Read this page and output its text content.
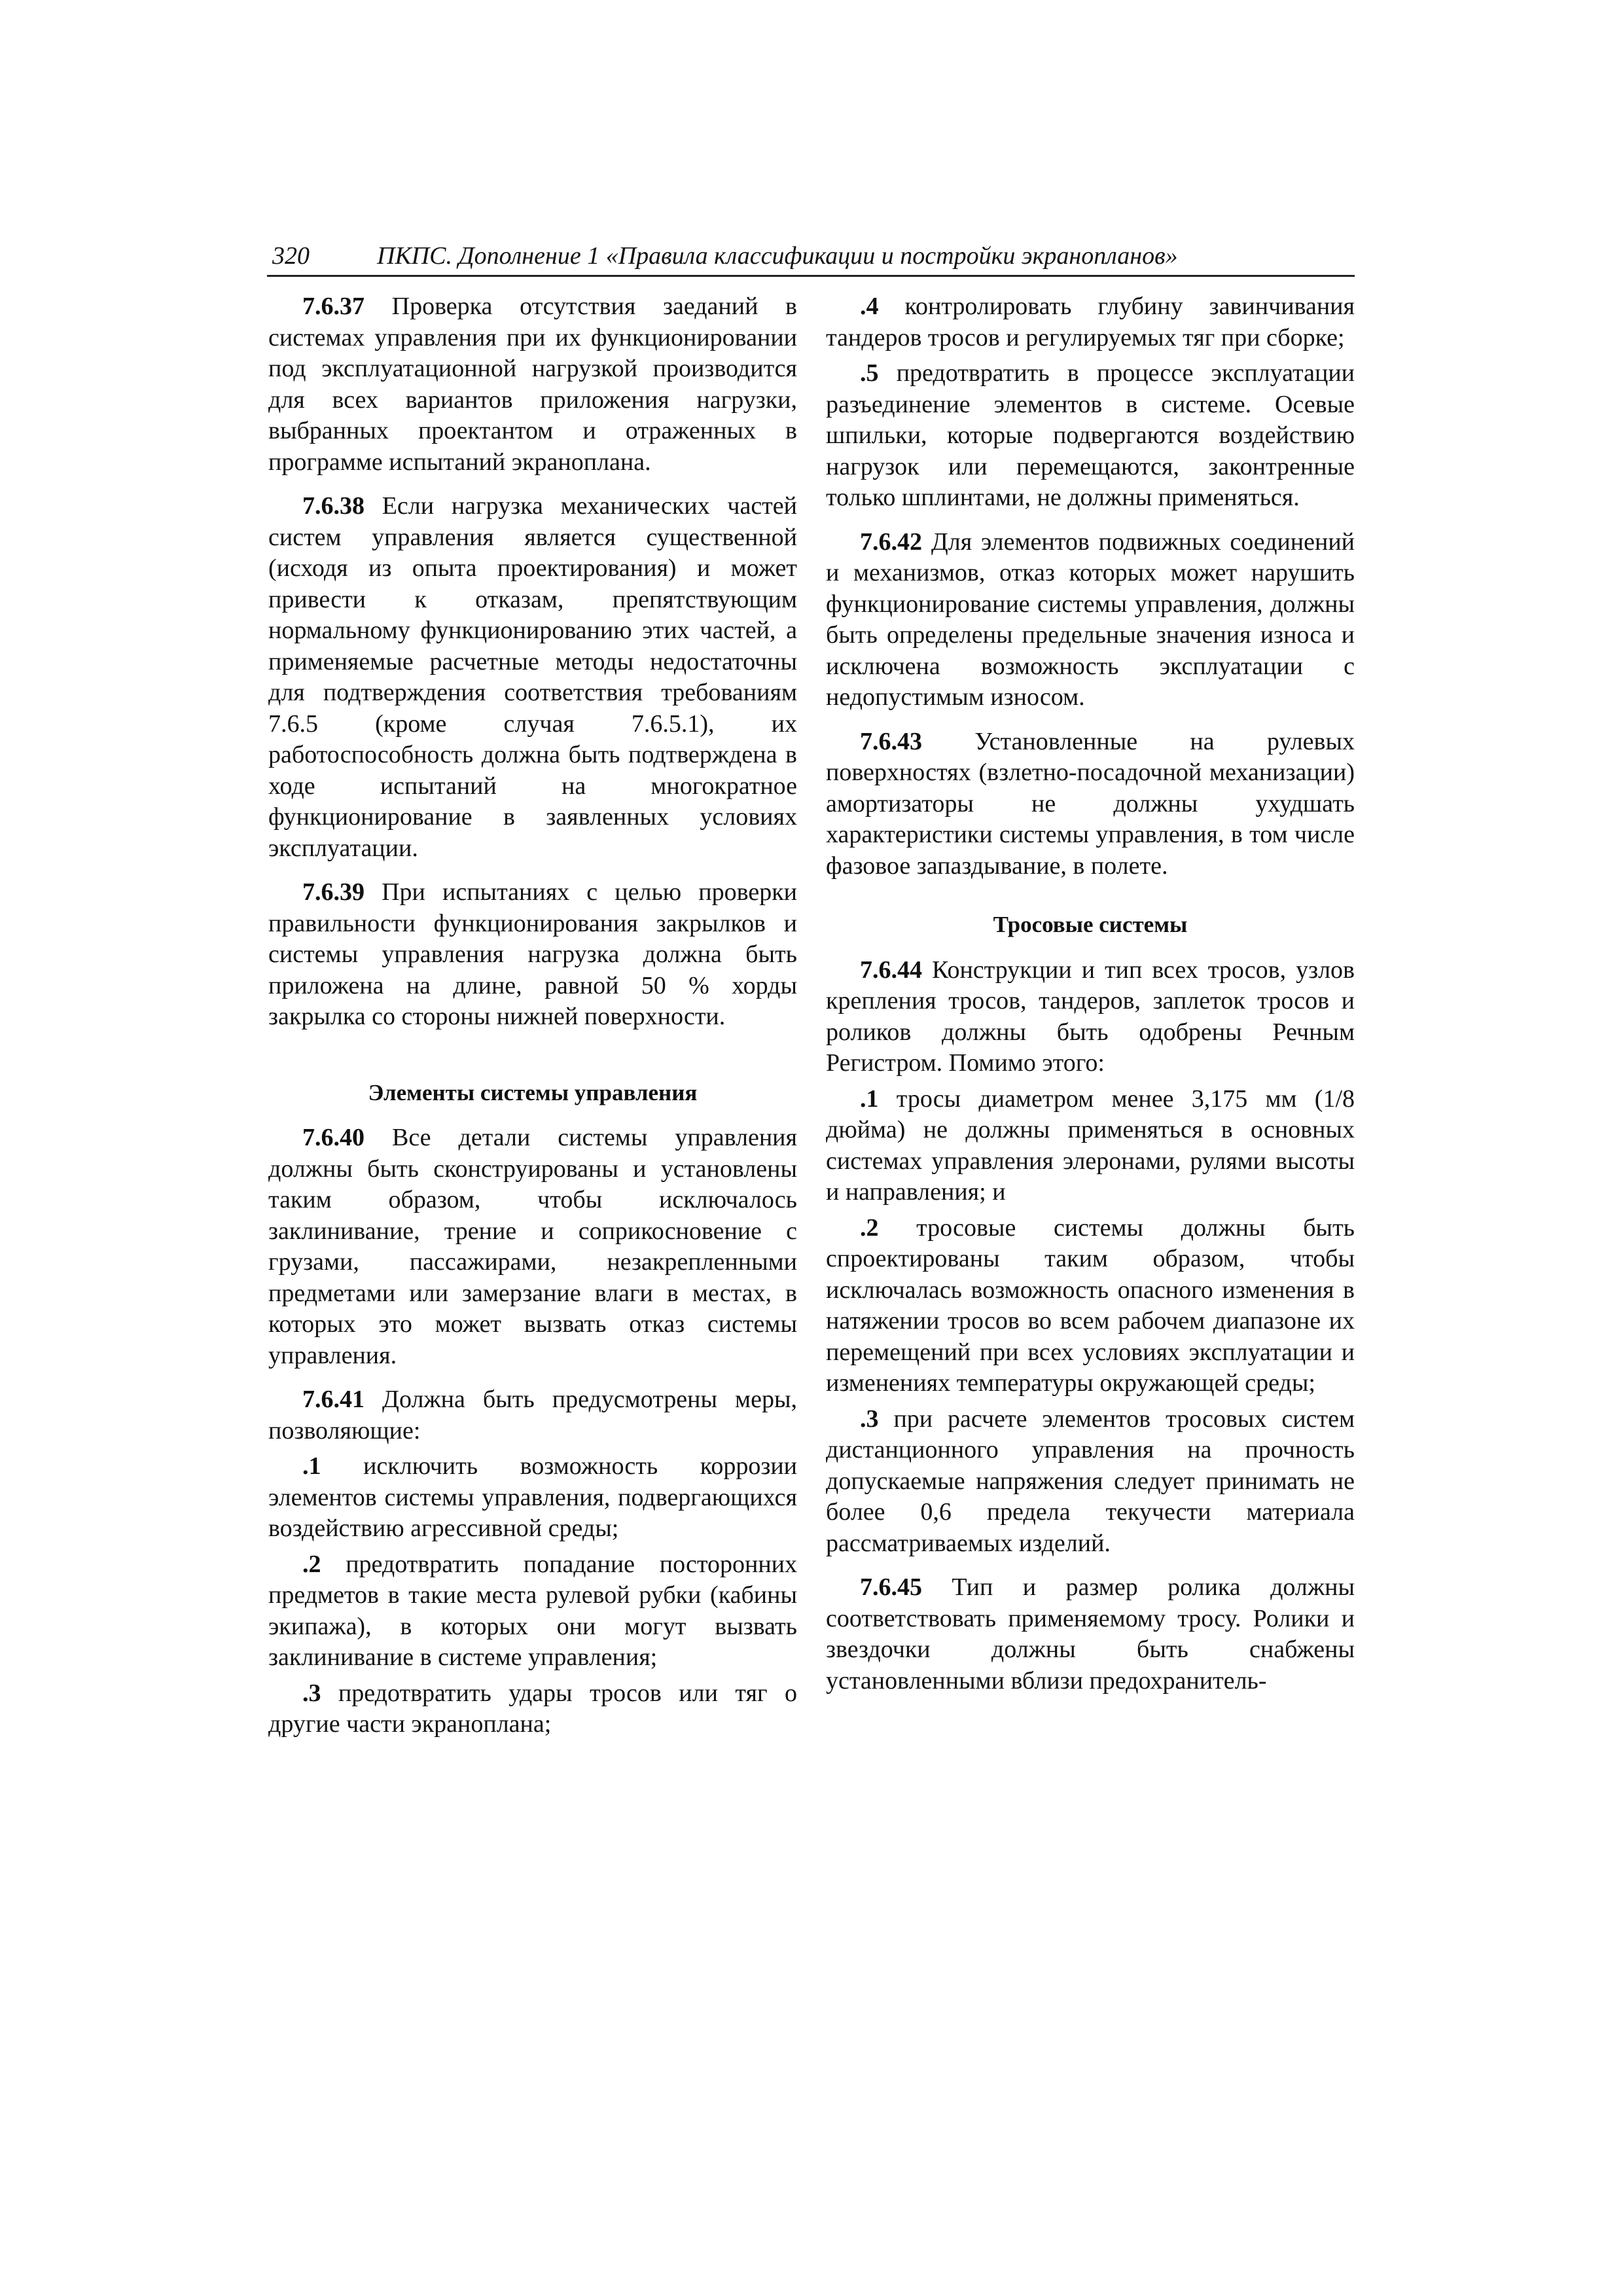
320	ПКПС. Дополнение 1 «Правила классификации и постройки экранопланов»

7.6.37 Проверка отсутствия заеданий в системах управления при их функционировании под эксплуатационной нагрузкой производится для всех вариантов приложения нагрузки, выбранных проектантом и отраженных в программе испытаний экраноплана.

7.6.38 Если нагрузка механических частей систем управления является существенной (исходя из опыта проектирования) и может привести к отказам, препятствующим нормальному функционированию этих частей, а применяемые расчетные методы недостаточны для подтверждения соответствия требованиям 7.6.5 (кроме случая 7.6.5.1), их работоспособность должна быть подтверждена в ходе испытаний на многократное функционирование в заявленных условиях эксплуатации.

7.6.39 При испытаниях с целью проверки правильности функционирования закрылков и системы управления нагрузка должна быть приложена на длине, равной 50 % хорды закрылка со стороны нижней поверхности.

Элементы системы управления

7.6.40 Все детали системы управления должны быть сконструированы и установлены таким образом, чтобы исключалось заклинивание, трение и соприкосновение с грузами, пассажирами, незакрепленными предметами или замерзание влаги в местах, в которых это может вызвать отказ системы управления.

7.6.41 Должна быть предусмотрены меры, позволяющие:

.1 исключить возможность коррозии элементов системы управления, подвергающихся воздействию агрессивной среды;

.2 предотвратить попадание посторонних предметов в такие места рулевой рубки (кабины экипажа), в которых они могут вызвать заклинивание в системе управления;

.3 предотвратить удары тросов или тяг о другие части экраноплана;

.4 контролировать глубину завинчивания тандеров тросов и регулируемых тяг при сборке;

.5 предотвратить в процессе эксплуатации разъединение элементов в системе. Осевые шпильки, которые подвергаются воздействию нагрузок или перемещаются, законтренные только шплинтами, не должны применяться.

7.6.42 Для элементов подвижных соединений и механизмов, отказ которых может нарушить функционирование системы управления, должны быть определены предельные значения износа и исключена возможность эксплуатации с недопустимым износом.

7.6.43 Установленные на рулевых поверхностях (взлетно-посадочной механизации) амортизаторы не должны ухудшать характеристики системы управления, в том числе фазовое запаздывание, в полете.

Тросовые системы

7.6.44 Конструкции и тип всех тросов, узлов крепления тросов, тандеров, заплеток тросов и роликов должны быть одобрены Речным Регистром. Помимо этого:

.1 тросы диаметром менее 3,175 мм (1/8 дюйма) не должны применяться в основных системах управления элеронами, рулями высоты и направления; и

.2 тросовые системы должны быть спроектированы таким образом, чтобы исключалась возможность опасного изменения в натяжении тросов во всем рабочем диапазоне их перемещений при всех условиях эксплуатации и изменениях температуры окружающей среды;

.3 при расчете элементов тросовых систем дистанционного управления на прочность допускаемые напряжения следует принимать не более 0,6 предела текучести материала рассматриваемых изделий.

7.6.45 Тип и размер ролика должны соответствовать применяемому тросу. Ролики и звездочки должны быть снабжены установленными вблизи предохранитель-
